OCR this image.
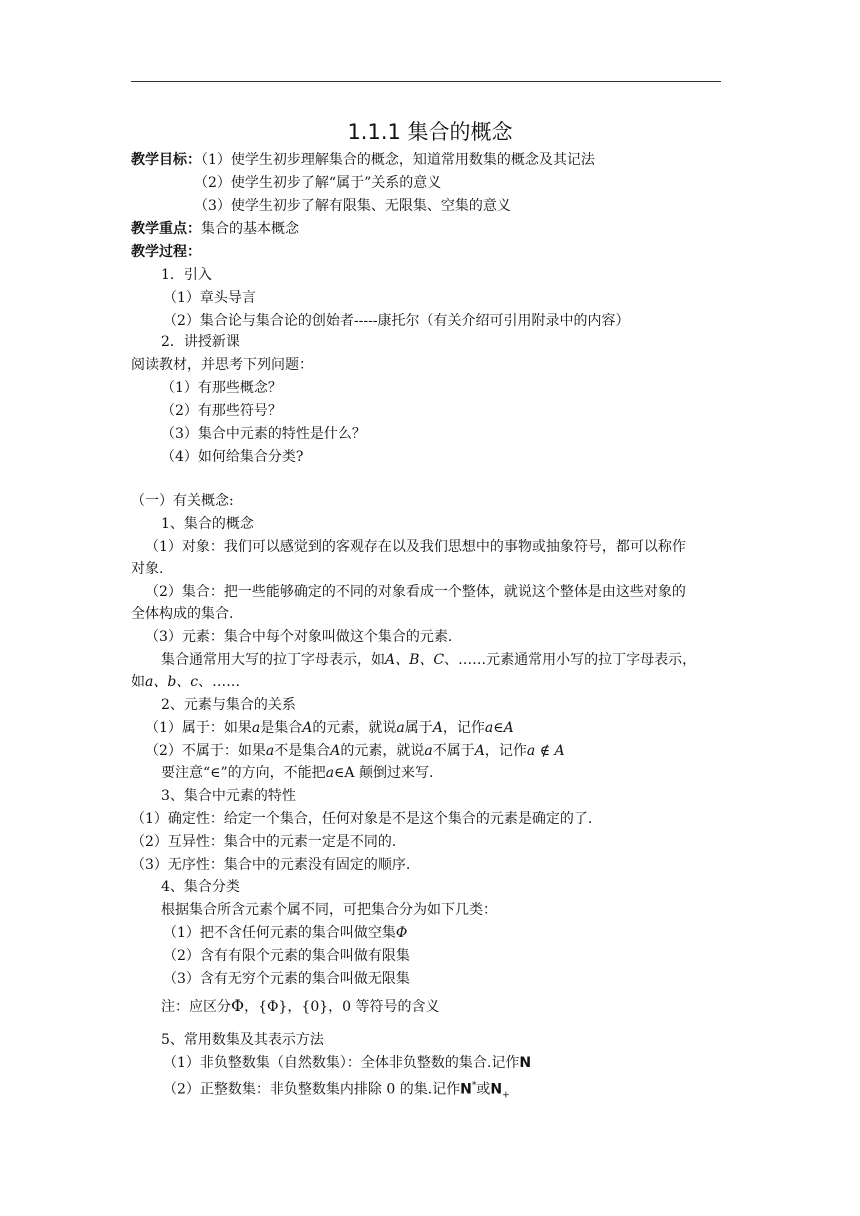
1.1.1 集合的概念
教学目标：（1）使学生初步理解集合的概念，知道常用数集的概念及其记法
（2）使学生初步了解“属于”关系的意义
（3）使学生初步了解有限集、无限集、空集的意义
教学重点：集合的基本概念
教学过程：
1．引入
（1）章头导言
（2）集合论与集合论的创始者-----康托尔（有关介绍可引用附录中的内容）
2．讲授新课
阅读教材，并思考下列问题：
（1）有那些概念？
（2）有那些符号？
（3）集合中元素的特性是什么？
（4）如何给集合分类?
（一）有关概念:
1、集合的概念
（1）对象：我们可以感觉到的客观存在以及我们思想中的事物或抽象符号，都可以称作
对象.
（2）集合：把一些能够确定的不同的对象看成一个整体，就说这个整体是由这些对象的
全体构成的集合.
（3）元素：集合中每个对象叫做这个集合的元素.
集合通常用大写的拉丁字母表示，如A、B、C、……元素通常用小写的拉丁字母表示，
如a、b、c、……
2、元素与集合的关系
（1）属于：如果a是集合A的元素，就说a属于A，记作a∈A
（2）不属于：如果a不是集合A的元素，就说a不属于A，记作a ∉ A
要注意“∈”的方向，不能把a∈A 颠倒过来写.
3、集合中元素的特性
（1）确定性：给定一个集合，任何对象是不是这个集合的元素是确定的了.
（2）互异性：集合中的元素一定是不同的.
（3）无序性：集合中的元素没有固定的顺序.
4、集合分类
根据集合所含元素个属不同，可把集合分为如下几类：
（1）把不含任何元素的集合叫做空集Φ
（2）含有有限个元素的集合叫做有限集
（3）含有无穷个元素的集合叫做无限集
注：应区分Φ，{Φ}，{0}，0 等符号的含义
5、常用数集及其表示方法
（1）非负整数集（自然数集）：全体非负整数的集合.记作N
（2）正整数集：非负整数集内排除 0 的集.记作N*或$N_+$
